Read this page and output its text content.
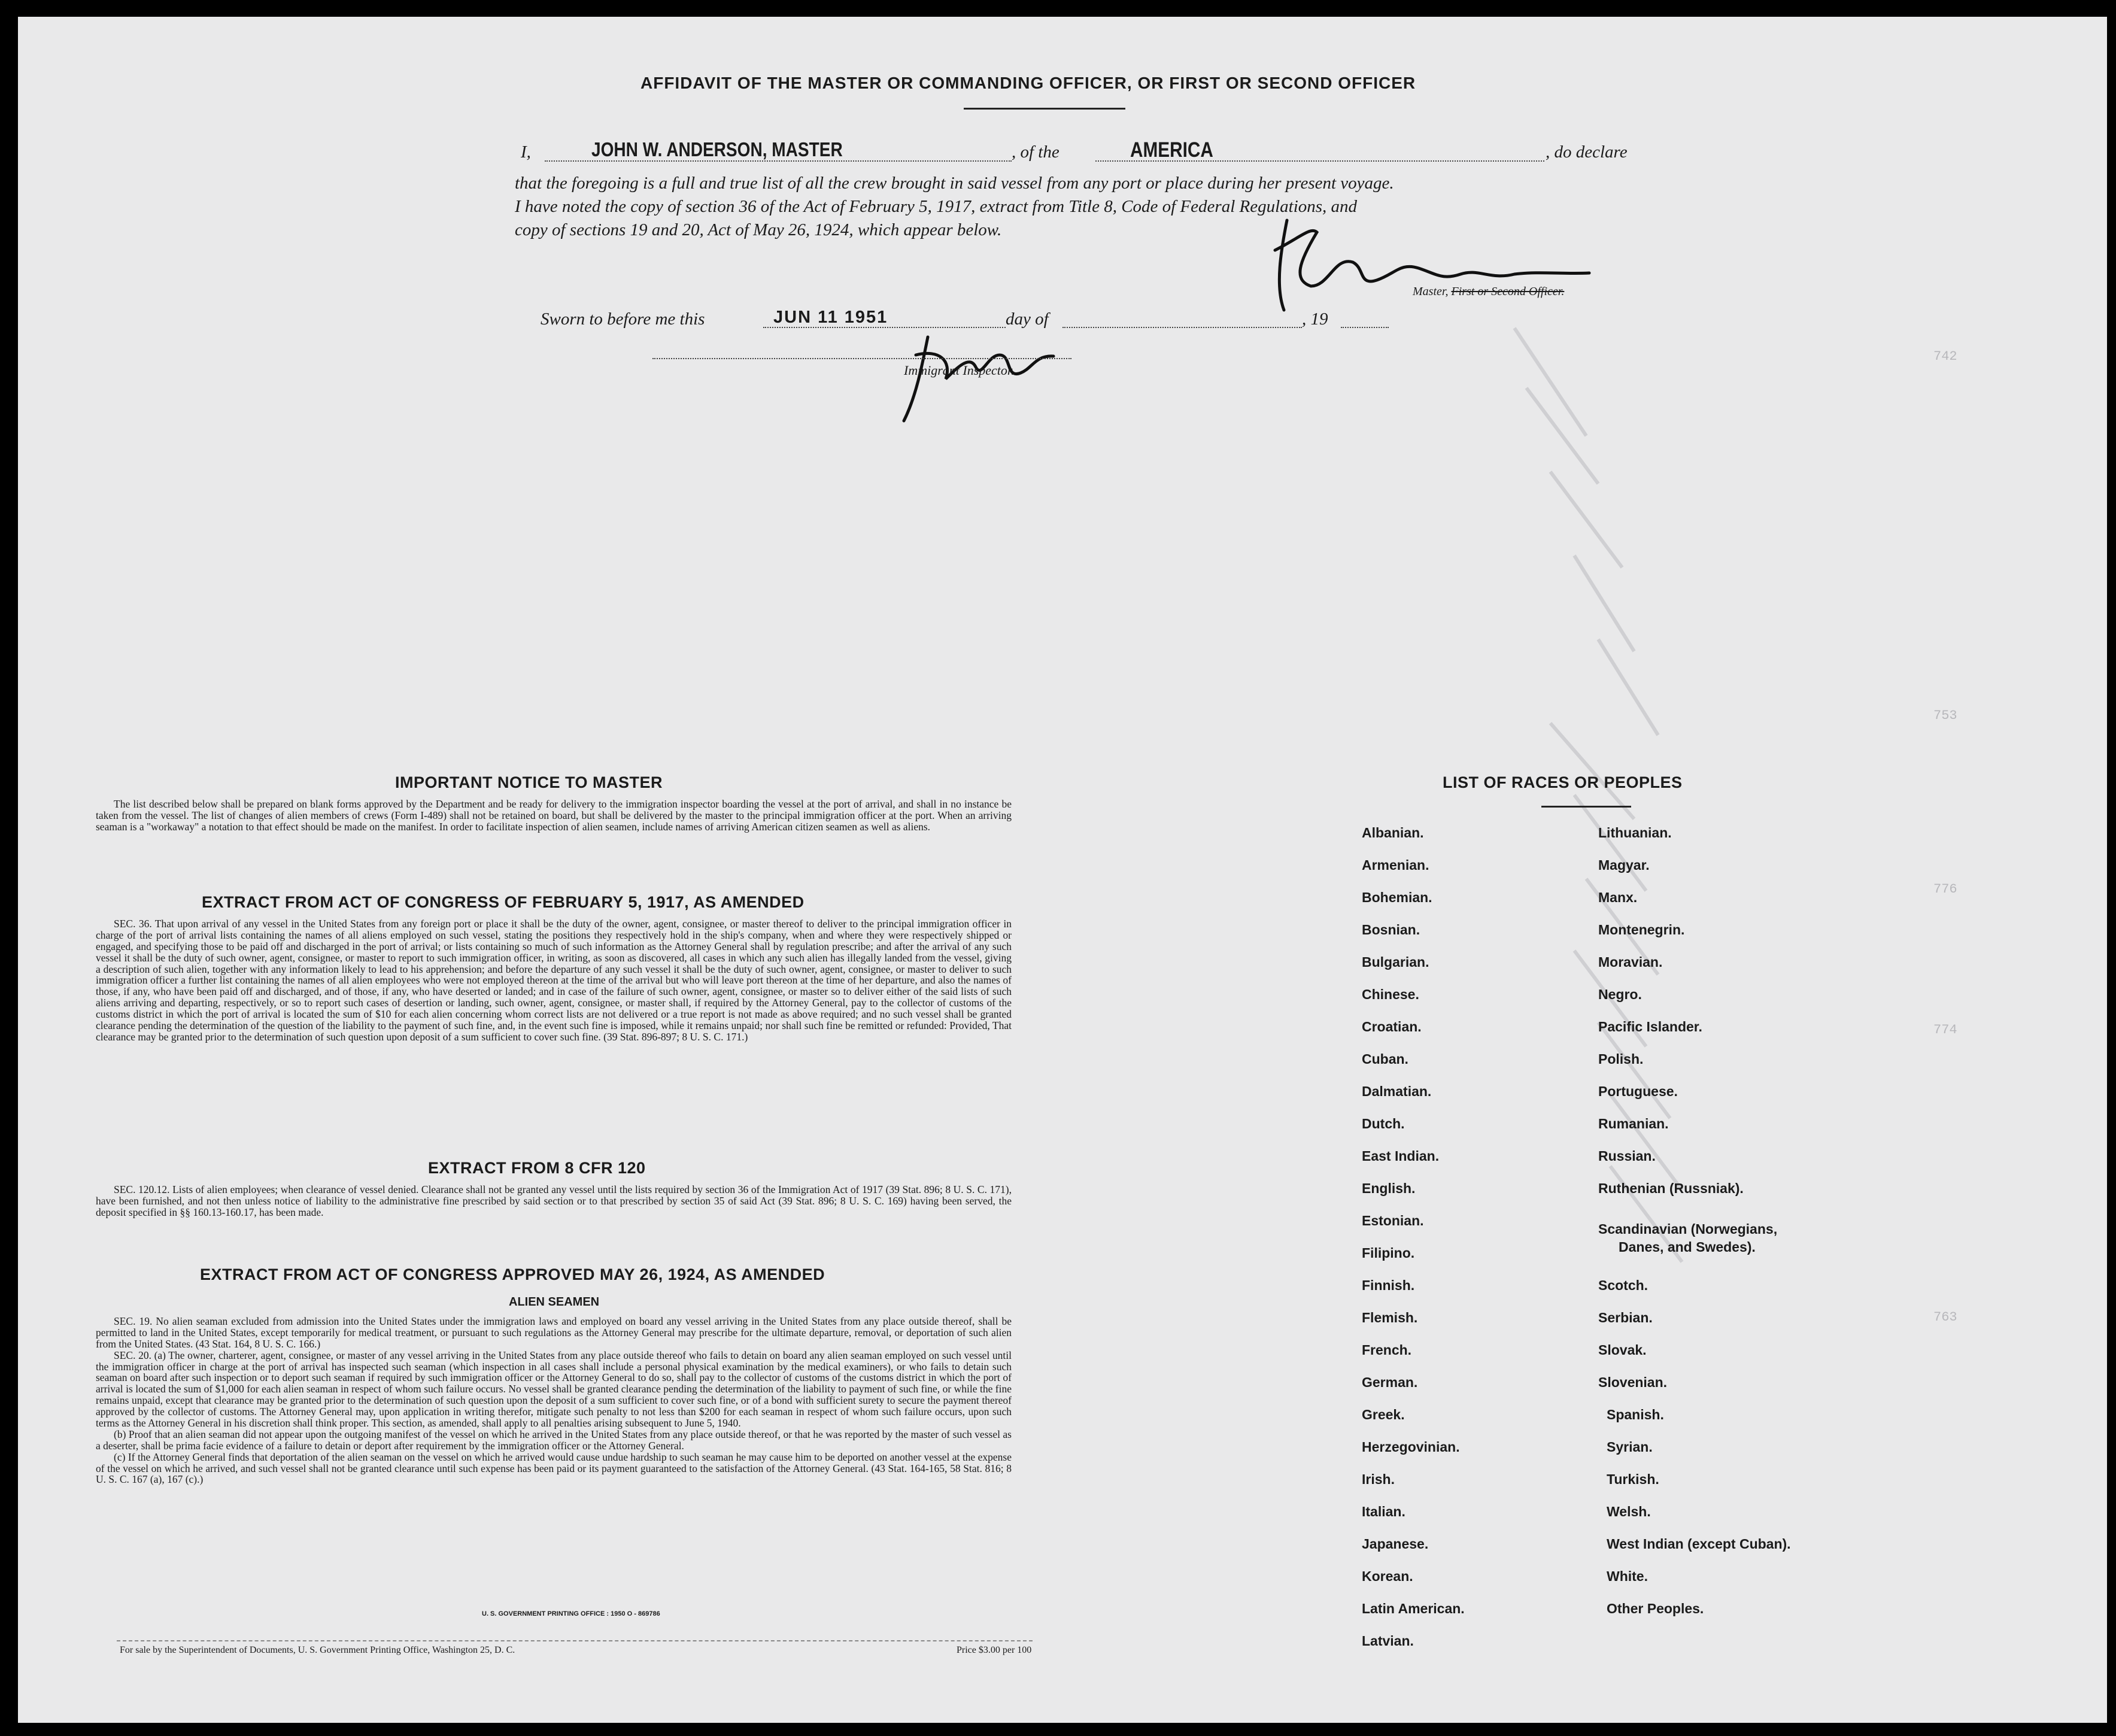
742
753
776
774
763
AFFIDAVIT OF THE MASTER OR COMMANDING OFFICER, OR FIRST OR SECOND OFFICER
I,	JOHN W. ANDERSON, MASTER	, of the	AMERICA	, do declare
that the foregoing is a full and true list of all the crew brought in said vessel from any port or place during her present voyage.
I have noted the copy of section 36 of the Act of February 5, 1917, extract from Title 8, Code of Federal Regulations, and
copy of sections 19 and 20, Act of May 26, 1924, which appear below.
Master, First or Second Officer.
Sworn to before me this	JUN 11 1951	day of	, 19
Immigrant Inspector.
IMPORTANT NOTICE TO MASTER
The list described below shall be prepared on blank forms approved by the Department and be ready for delivery to the immigration inspector boarding the vessel at the port of arrival, and shall in no instance be taken from the vessel. The list of changes of alien members of crews (Form I-489) shall not be retained on board, but shall be delivered by the master to the principal immigration officer at the port. When an arriving seaman is a "workaway" a notation to that effect should be made on the manifest. In order to facilitate inspection of alien seamen, include names of arriving American citizen seamen as well as aliens.
EXTRACT FROM ACT OF CONGRESS OF FEBRUARY 5, 1917, AS AMENDED
SEC. 36. That upon arrival of any vessel in the United States from any foreign port or place it shall be the duty of the owner, agent, consignee, or master thereof to deliver to the principal immigration officer in charge of the port of arrival lists containing the names of all aliens employed on such vessel, stating the positions they respectively hold in the ship's company, when and where they were respectively shipped or engaged, and specifying those to be paid off and discharged in the port of arrival; or lists containing so much of such information as the Attorney General shall by regulation prescribe; and after the arrival of any such vessel it shall be the duty of such owner, agent, consignee, or master to report to such immigration officer, in writing, as soon as discovered, all cases in which any such alien has illegally landed from the vessel, giving a description of such alien, together with any information likely to lead to his apprehension; and before the departure of any such vessel it shall be the duty of such owner, agent, consignee, or master to deliver to such immigration officer a further list containing the names of all alien employees who were not employed thereon at the time of the arrival but who will leave port thereon at the time of her departure, and also the names of those, if any, who have been paid off and discharged, and of those, if any, who have deserted or landed; and in case of the failure of such owner, agent, consignee, or master so to deliver either of the said lists of such aliens arriving and departing, respectively, or so to report such cases of desertion or landing, such owner, agent, consignee, or master shall, if required by the Attorney General, pay to the collector of customs of the customs district in which the port of arrival is located the sum of $10 for each alien concerning whom correct lists are not delivered or a true report is not made as above required; and no such vessel shall be granted clearance pending the determination of the question of the liability to the payment of such fine, and, in the event such fine is imposed, while it remains unpaid; nor shall such fine be remitted or refunded: Provided, That clearance may be granted prior to the determination of such question upon deposit of a sum sufficient to cover such fine. (39 Stat. 896-897; 8 U. S. C. 171.)
EXTRACT FROM 8 CFR 120
SEC. 120.12. Lists of alien employees; when clearance of vessel denied. Clearance shall not be granted any vessel until the lists required by section 36 of the Immigration Act of 1917 (39 Stat. 896; 8 U. S. C. 171), have been furnished, and not then unless notice of liability to the administrative fine prescribed by said section or to that prescribed by section 35 of said Act (39 Stat. 896; 8 U. S. C. 169) having been served, the deposit specified in §§ 160.13-160.17, has been made.
EXTRACT FROM ACT OF CONGRESS APPROVED MAY 26, 1924, AS AMENDED
ALIEN SEAMEN

SEC. 19. No alien seaman excluded from admission into the United States under the immigration laws and employed on board any vessel arriving in the United States from any place outside thereof, shall be permitted to land in the United States, except temporarily for medical treatment, or pursuant to such regulations as the Attorney General may prescribe for the ultimate departure, removal, or deportation of such alien from the United States. (43 Stat. 164, 8 U. S. C. 166.)

SEC. 20. (a) The owner, charterer, agent, consignee, or master of any vessel arriving in the United States from any place outside thereof who fails to detain on board any alien seaman employed on such vessel until the immigration officer in charge at the port of arrival has inspected such seaman (which inspection in all cases shall include a personal physical examination by the medical examiners), or who fails to detain such seaman on board after such inspection or to deport such seaman if required by such immigration officer or the Attorney General to do so, shall pay to the collector of customs of the customs district in which the port of arrival is located the sum of $1,000 for each alien seaman in respect of whom such failure occurs. No vessel shall be granted clearance pending the determination of the liability to payment of such fine, or while the fine remains unpaid, except that clearance may be granted prior to the determination of such question upon the deposit of a sum sufficient to cover such fine, or of a bond with sufficient surety to secure the payment thereof approved by the collector of customs. The Attorney General may, upon application in writing therefor, mitigate such penalty to not less than $200 for each seaman in respect of whom such failure occurs, upon such terms as the Attorney General in his discretion shall think proper. This section, as amended, shall apply to all penalties arising subsequent to June 5, 1940.

(b) Proof that an alien seaman did not appear upon the outgoing manifest of the vessel on which he arrived in the United States from any place outside thereof, or that he was reported by the master of such vessel as a deserter, shall be prima facie evidence of a failure to detain or deport after requirement by the immigration officer or the Attorney General.

(c) If the Attorney General finds that deportation of the alien seaman on the vessel on which he arrived would cause undue hardship to such seaman he may cause him to be deported on another vessel at the expense of the vessel on which he arrived, and such vessel shall not be granted clearance until such expense has been paid or its payment guaranteed to the satisfaction of the Attorney General. (43 Stat. 164-165, 58 Stat. 816; 8 U. S. C. 167 (a), 167 (c).)

U. S. GOVERNMENT PRINTING OFFICE : 1950 O - 869786
For sale by the Superintendent of Documents, U. S. Government Printing Office, Washington 25, D. C.	Price $3.00 per 100
LIST OF RACES OR PEOPLES
Albanian.
Armenian.
Bohemian.
Bosnian.
Bulgarian.
Chinese.
Croatian.
Cuban.
Dalmatian.
Dutch.
East Indian.
English.
Estonian.
Filipino.
Finnish.
Flemish.
French.
German.
Greek.
Herzegovinian.
Irish.
Italian.
Japanese.
Korean.
Latin American.
Latvian.
Lithuanian.
Magyar.
Manx.
Montenegrin.
Moravian.
Negro.
Pacific Islander.
Polish.
Portuguese.
Rumanian.
Russian.
Ruthenian (Russniak).
Scandinavian (Norwegians,
Danes, and Swedes).
Scotch.
Serbian.
Slovak.
Slovenian.
Spanish.
Syrian.
Turkish.
Welsh.
West Indian (except Cuban).
White.
Other Peoples.
